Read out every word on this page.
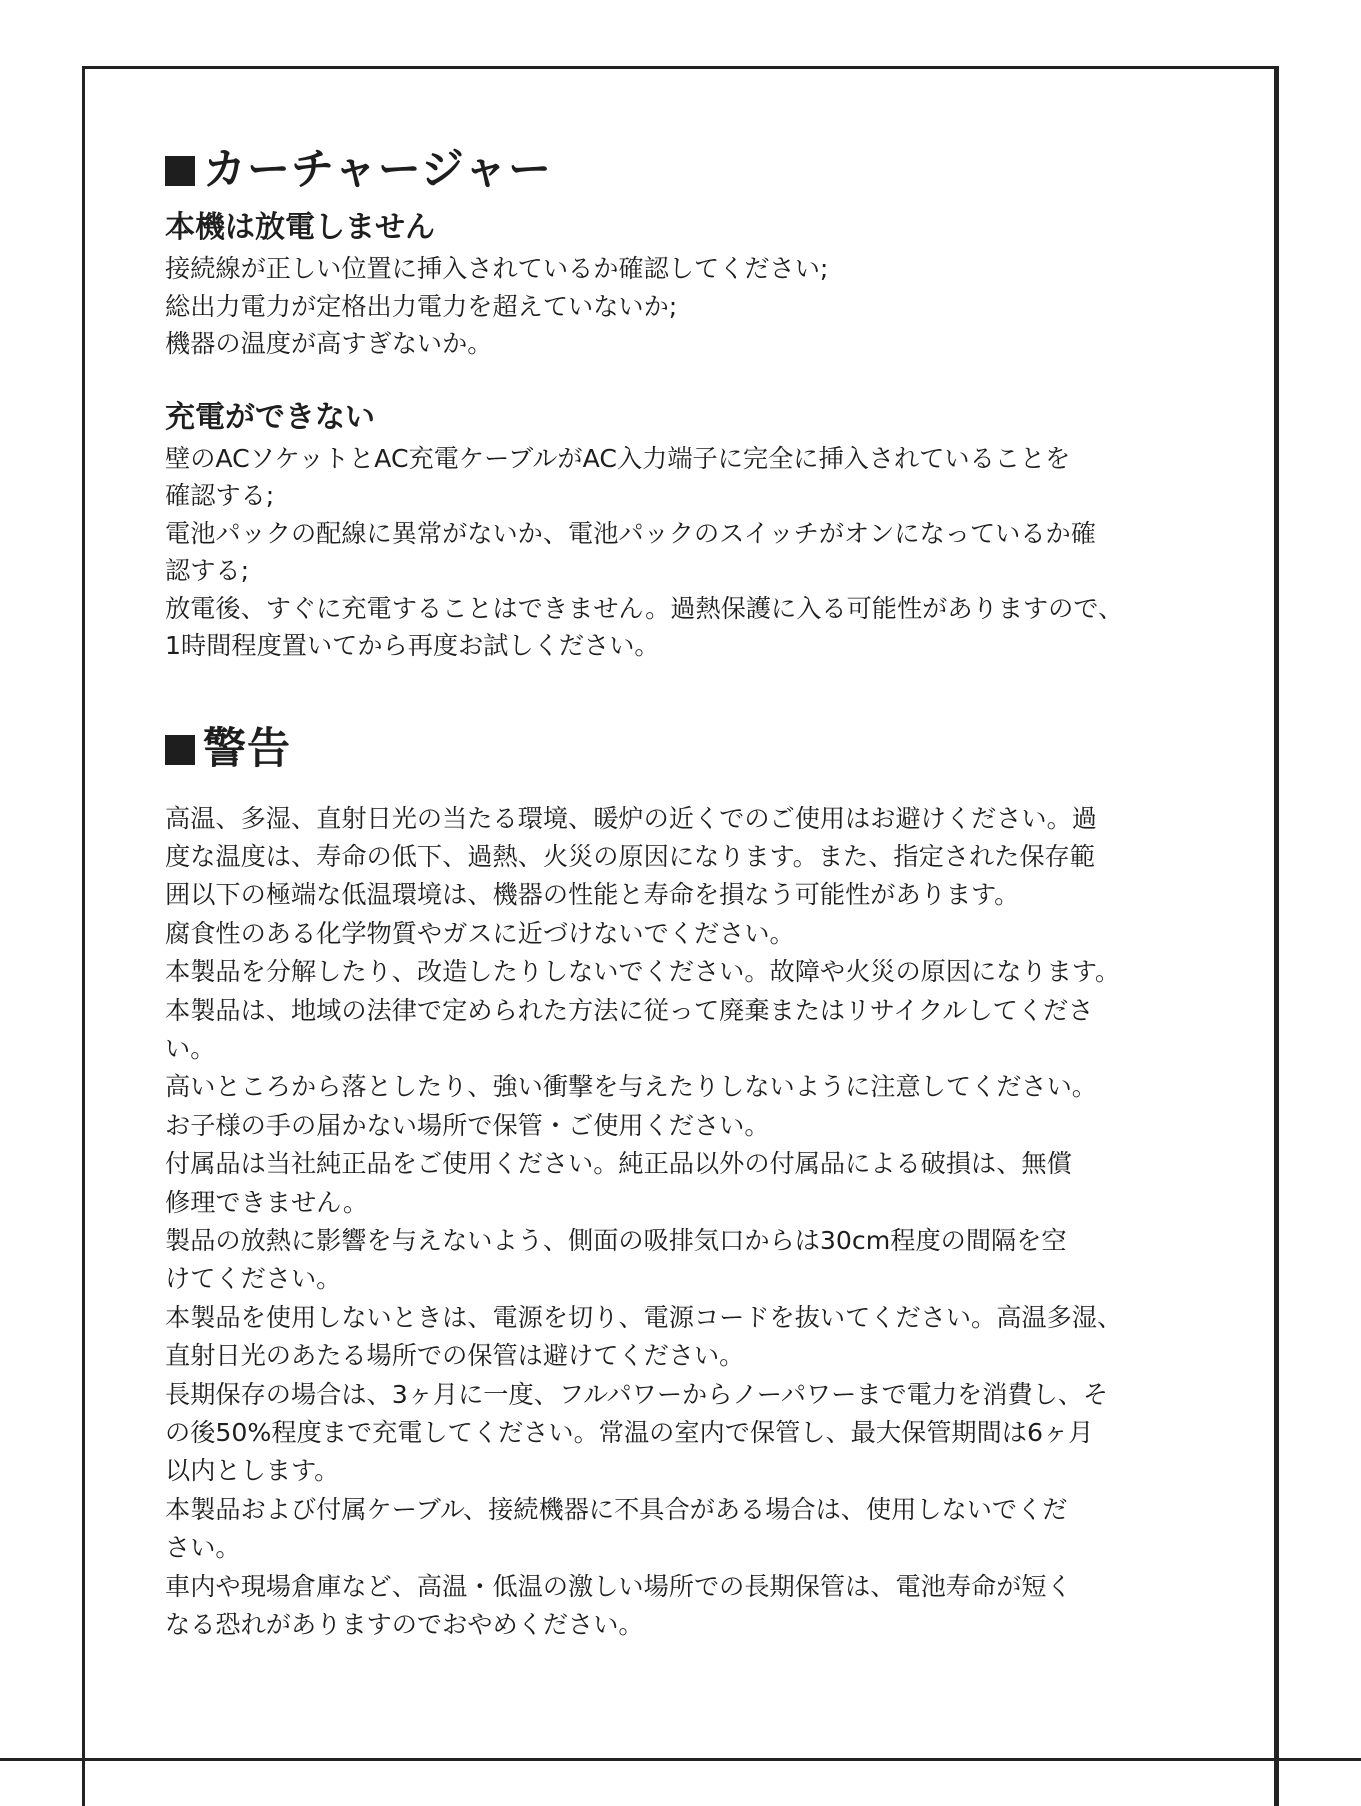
カーチャージャー
本機は放電しません

接続線が正しい位置に挿入されているか確認してください;

総出力電力が定格出力電力を超えていないか;

機器の温度が高すぎないか。

充電ができない

壁のACソケットとAC充電ケーブルがAC入力端子に完全に挿入されていることを

確認する;

電池パックの配線に異常がないか、電池パックのスイッチがオンになっているか確

認する;

放電後、すぐに充電することはできません。過熱保護に入る可能性がありますので、

1時間程度置いてから再度お試しください。

警告

高温、多湿、直射日光の当たる環境、暖炉の近くでのご使用はお避けください。過

度な温度は、寿命の低下、過熱、火災の原因になります。また、指定された保存範

囲以下の極端な低温環境は、機器の性能と寿命を損なう可能性があります。

腐食性のある化学物質やガスに近づけないでください。

本製品を分解したり、改造したりしないでください。故障や火災の原因になります。

本製品は、地域の法律で定められた方法に従って廃棄またはリサイクルしてくださ

い。

高いところから落としたり、強い衝撃を与えたりしないように注意してください。

お子様の手の届かない場所で保管・ご使用ください。

付属品は当社純正品をご使用ください。純正品以外の付属品による破損は、無償

修理できません。

製品の放熱に影響を与えないよう、側面の吸排気口からは30cm程度の間隔を空

けてください。

本製品を使用しないときは、電源を切り、電源コードを抜いてください。高温多湿、

直射日光のあたる場所での保管は避けてください。

長期保存の場合は、3ヶ月に一度、フルパワーからノーパワーまで電力を消費し、そ

の後50%程度まで充電してください。常温の室内で保管し、最大保管期間は6ヶ月

以内とします。

本製品および付属ケーブル、接続機器に不具合がある場合は、使用しないでくだ

さい。

車内や現場倉庫など、高温・低温の激しい場所での長期保管は、電池寿命が短く

なる恐れがありますのでおやめください。
